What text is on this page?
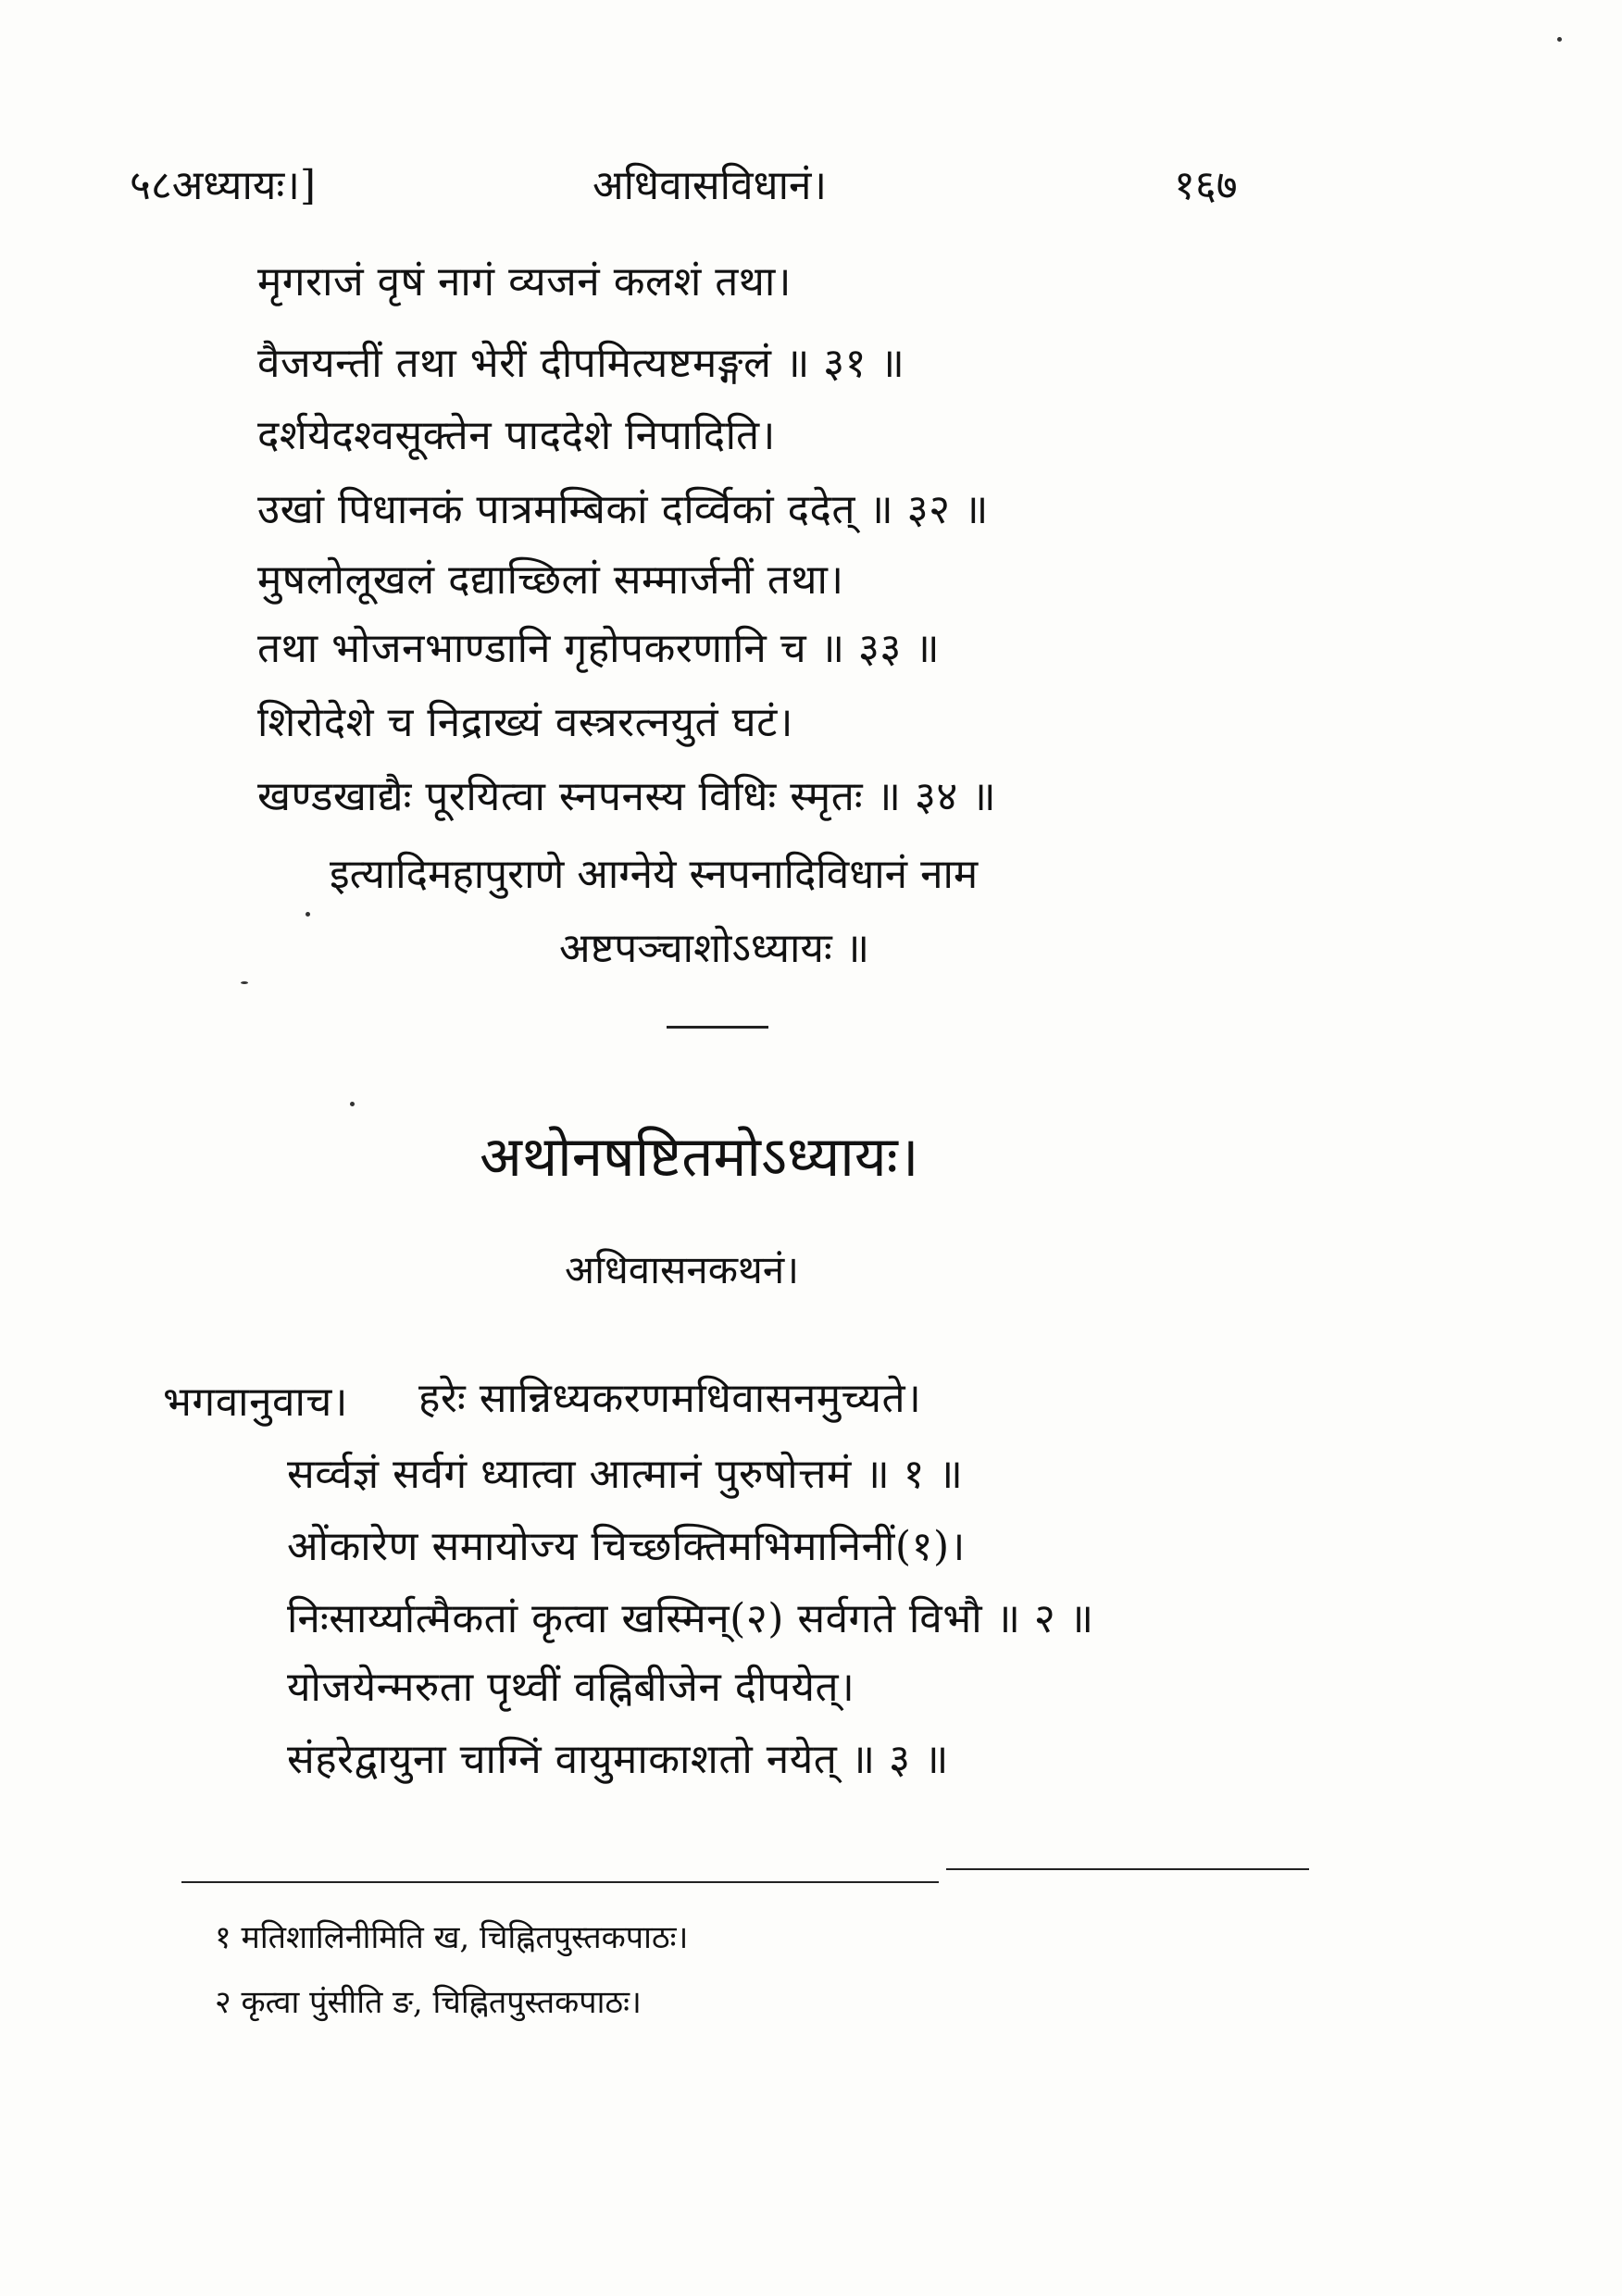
५८अध्यायः।]	अधिवासविधानं।	१६७
मृगराजं वृषं नागं व्यजनं कलशं तथा।
वैजयन्तीं तथा भेरीं दीपमित्यष्टमङ्गलं ॥ ३१ ॥
दर्शयेदश्वसूक्तेन पाददेशे निपादिति।
उखां पिधानकं पात्रमम्बिकां दर्व्विकां ददेत् ॥ ३२ ॥
मुषलोलूखलं दद्याच्छिलां सम्मार्जनीं तथा।
तथा भोजनभाण्डानि गृहोपकरणानि च ॥ ३३ ॥
शिरोदेशे च निद्राख्यं वस्त्ररत्नयुतं घटं।
खण्डखाद्यैः पूरयित्वा स्नपनस्य विधिः स्मृतः ॥ ३४ ॥
इत्यादिमहापुराणे आग्नेये स्नपनादिविधानं नाम
अष्टपञ्चाशोऽध्यायः ॥
अथोनषष्टितमोऽध्यायः।
अधिवासनकथनं।
भगवानुवाच। हरेः सान्निध्यकरणमधिवासनमुच्यते।
सर्व्वज्ञं सर्वगं ध्यात्वा आत्मानं पुरुषोत्तमं ॥ १ ॥
ओंकारेण समायोज्य चिच्छक्तिमभिमानिनीं(१)।
निःसार्य्यात्मैकतां कृत्वा खस्मिन्(२) सर्वगते विभौ ॥ २ ॥
योजयेन्मरुता पृथ्वीं वह्निबीजेन दीपयेत्।
संहरेद्वायुना चाग्निं वायुमाकाशतो नयेत् ॥ ३ ॥
१ मतिशालिनीमिति ख, चिह्नितपुस्तकपाठः।
२ कृत्वा पुंसीति ङ, चिह्नितपुस्तकपाठः।
